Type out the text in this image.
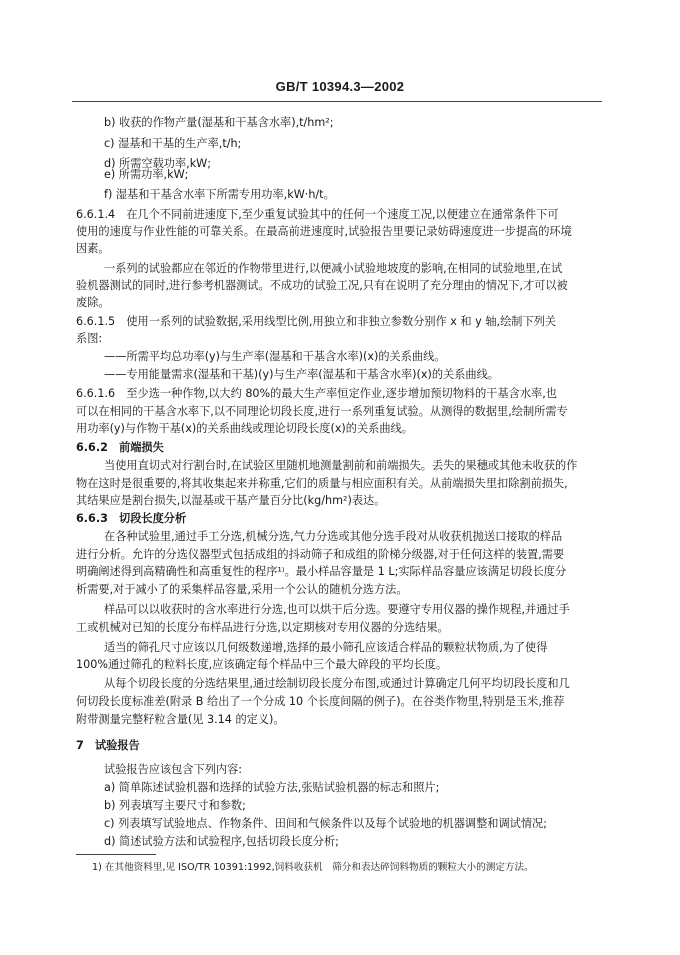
GB/T 10394.3—2002
b) 收获的作物产量(湿基和干基含水率),t/hm²;
c) 湿基和干基的生产率,t/h;
d) 所需空载功率,kW;
e) 所需功率,kW;
f) 湿基和干基含水率下所需专用功率,kW·h/t。
6.6.1.4　在几个不同前进速度下,至少重复试验其中的任何一个速度工况,以便建立在通常条件下可
使用的速度与作业性能的可靠关系。在最高前进速度时,试验报告里要记录妨碍速度进一步提高的环境
因素。
一系列的试验都应在邻近的作物带里进行,以便减小试验地坡度的影响,在相同的试验地里,在试
验机器测试的同时,进行参考机器测试。不成功的试验工况,只有在说明了充分理由的情况下,才可以被
废除。
6.6.1.5　使用一系列的试验数据,采用线型比例,用独立和非独立参数分别作 x 和 y 轴,绘制下列关
系图:
——所需平均总功率(y)与生产率(湿基和干基含水率)(x)的关系曲线。
——专用能量需求(湿基和干基)(y)与生产率(湿基和干基含水率)(x)的关系曲线。
6.6.1.6　至少选一种作物,以大约 80%的最大生产率恒定作业,逐步增加预切物料的干基含水率,也
可以在相同的干基含水率下,以不同理论切段长度,进行一系列重复试验。从测得的数据里,绘制所需专
用功率(y)与作物干基(x)的关系曲线或理论切段长度(x)的关系曲线。
6.6.2　前端损失
当使用直切式对行割台时,在试验区里随机地测量割前和前端损失。丢失的果穗或其他未收获的作
物在这时是很重要的,将其收集起来并称重,它们的质量与相应面积有关。从前端损失里扣除割前损失,
其结果应是割台损失,以湿基或干基产量百分比(kg/hm²)表达。
6.6.3　切段长度分析
在各种试验里,通过手工分选,机械分选,气力分选或其他分选手段对从收获机抛送口接取的样品
进行分析。允许的分选仪器型式包括成组的抖动筛子和成组的阶梯分级器,对于任何这样的装置,需要
明确阐述得到高精确性和高重复性的程序¹⁾。最小样品容量是 1 L;实际样品容量应该满足切段长度分
析需要,对于减小了的采集样品容量,采用一个公认的随机分选方法。
样品可以以收获时的含水率进行分选,也可以烘干后分选。要遵守专用仪器的操作规程,并通过手
工或机械对已知的长度分布样品进行分选,以定期核对专用仪器的分选结果。
适当的筛孔尺寸应该以几何级数递增,选择的最小筛孔应该适合样品的颗粒状物质,为了使得
100%通过筛孔的粒料长度,应该确定每个样品中三个最大碎段的平均长度。
从每个切段长度的分选结果里,通过绘制切段长度分布图,或通过计算确定几何平均切段长度和几
何切段长度标准差(附录 B 给出了一个分成 10 个长度间隔的例子)。在谷类作物里,特别是玉米,推荐
附带测量完整籽粒含量(见 3.14 的定义)。
7　试验报告
试验报告应该包含下列内容:
a) 简单陈述试验机器和选择的试验方法,张贴试验机器的标志和照片;
b) 列表填写主要尺寸和参数;
c) 列表填写试验地点、作物条件、田间和气候条件以及每个试验地的机器调整和调试情况;
d) 简述试验方法和试验程序,包括切段长度分析;
1) 在其他资料里,见 ISO/TR 10391:1992,饲料收获机　筛分和表达碎饲料物质的颗粒大小的测定方法。
